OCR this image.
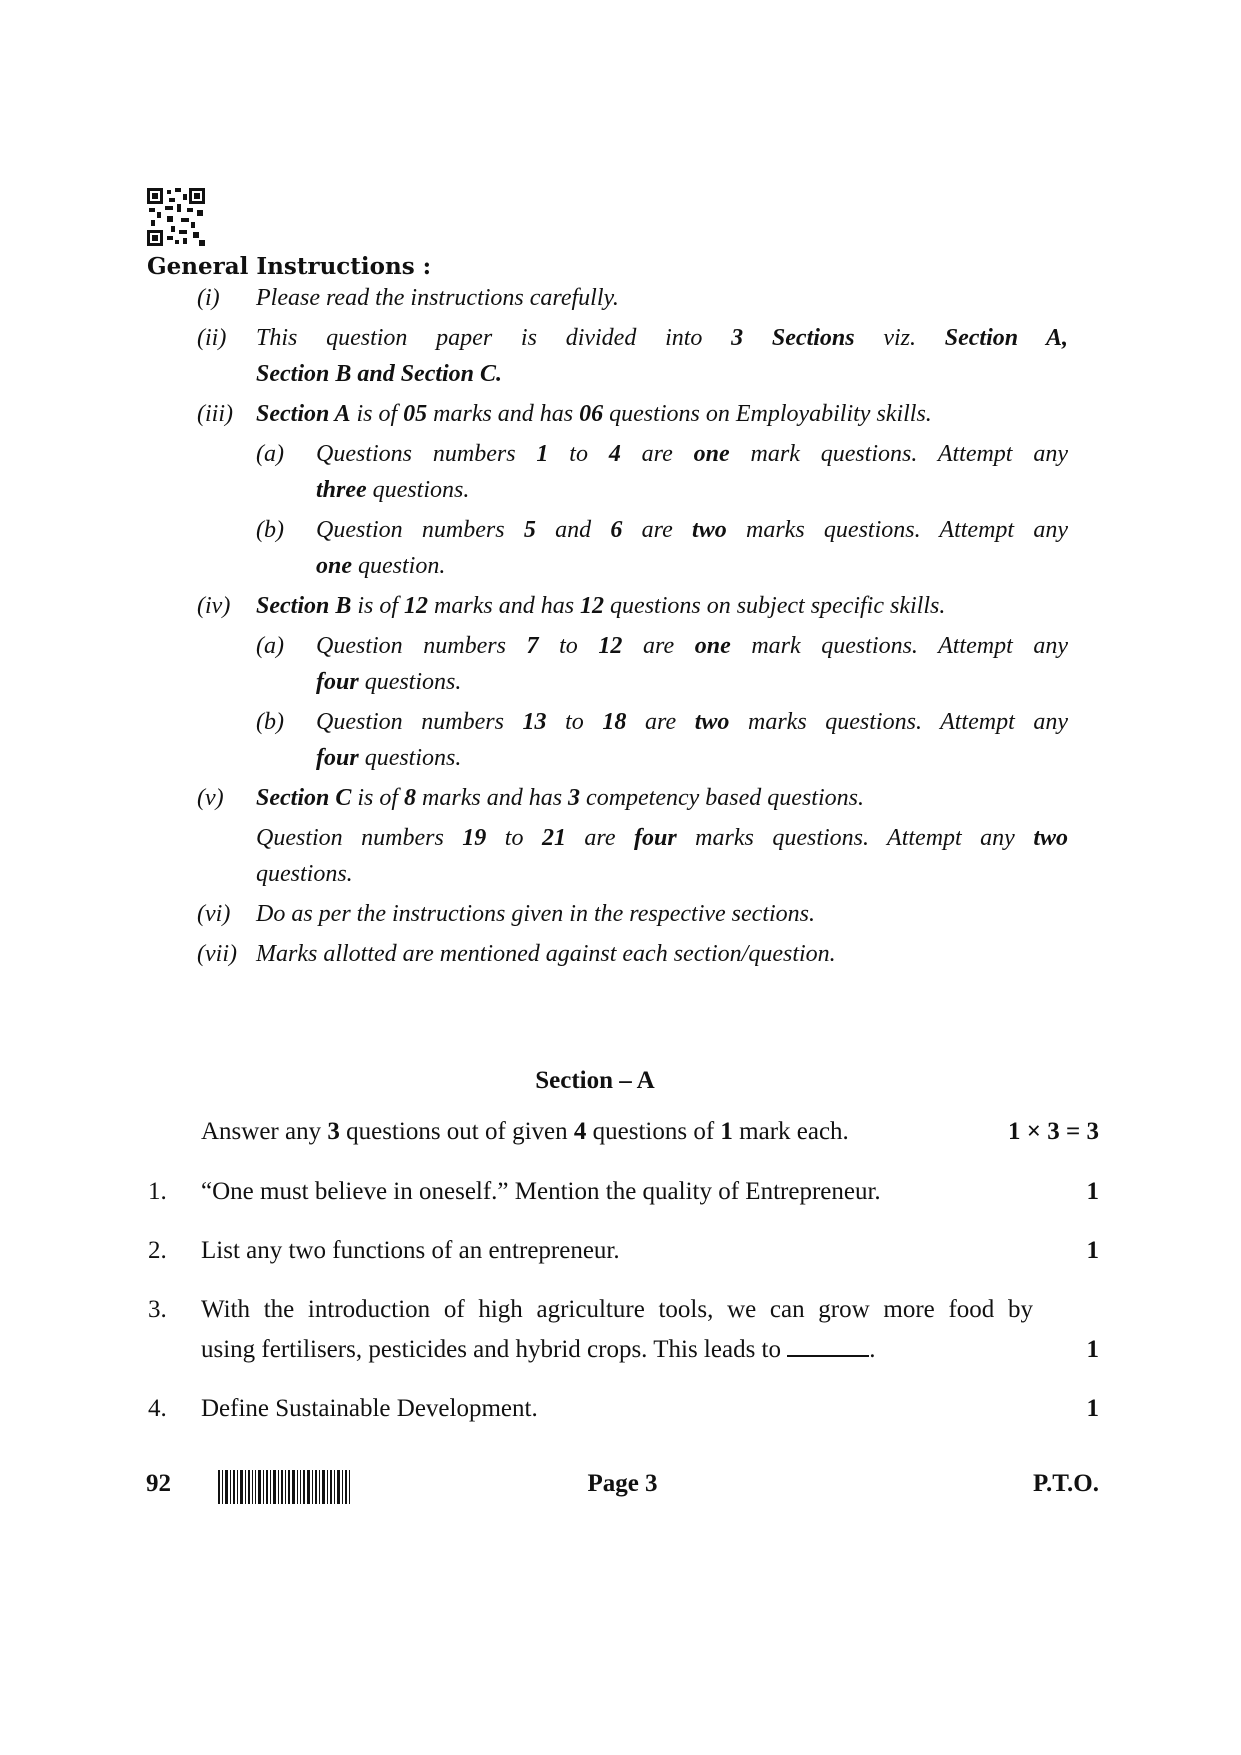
General Instructions :
(i) Please read the instructions carefully.
(ii) This question paper is divided into 3 Sections viz. Section A,
Section B and Section C.
(iii) Section A is of 05 marks and has 06 questions on Employability skills.
(a) Questions numbers 1 to 4 are one mark questions. Attempt any
three questions.
(b) Question numbers 5 and 6 are two marks questions. Attempt any
one question.
(iv) Section B is of 12 marks and has 12 questions on subject specific skills.
(a) Question numbers 7 to 12 are one mark questions. Attempt any
four questions.
(b) Question numbers 13 to 18 are two marks questions. Attempt any
four questions.
(v) Section C is of 8 marks and has 3 competency based questions.
Question numbers 19 to 21 are four marks questions. Attempt any two
questions.
(vi) Do as per the instructions given in the respective sections.
(vii) Marks allotted are mentioned against each section/question.
Section – A
Answer any 3 questions out of given 4 questions of 1 mark each.	1 × 3 = 3
1. “One must believe in oneself.” Mention the quality of Entrepreneur.	1
2. List any two functions of an entrepreneur.	1
3. With the introduction of high agriculture tools, we can grow more food by
using fertilisers, pesticides and hybrid crops. This leads to	.	1
4. Define Sustainable Development.	1
92	Page 3	P.T.O.
